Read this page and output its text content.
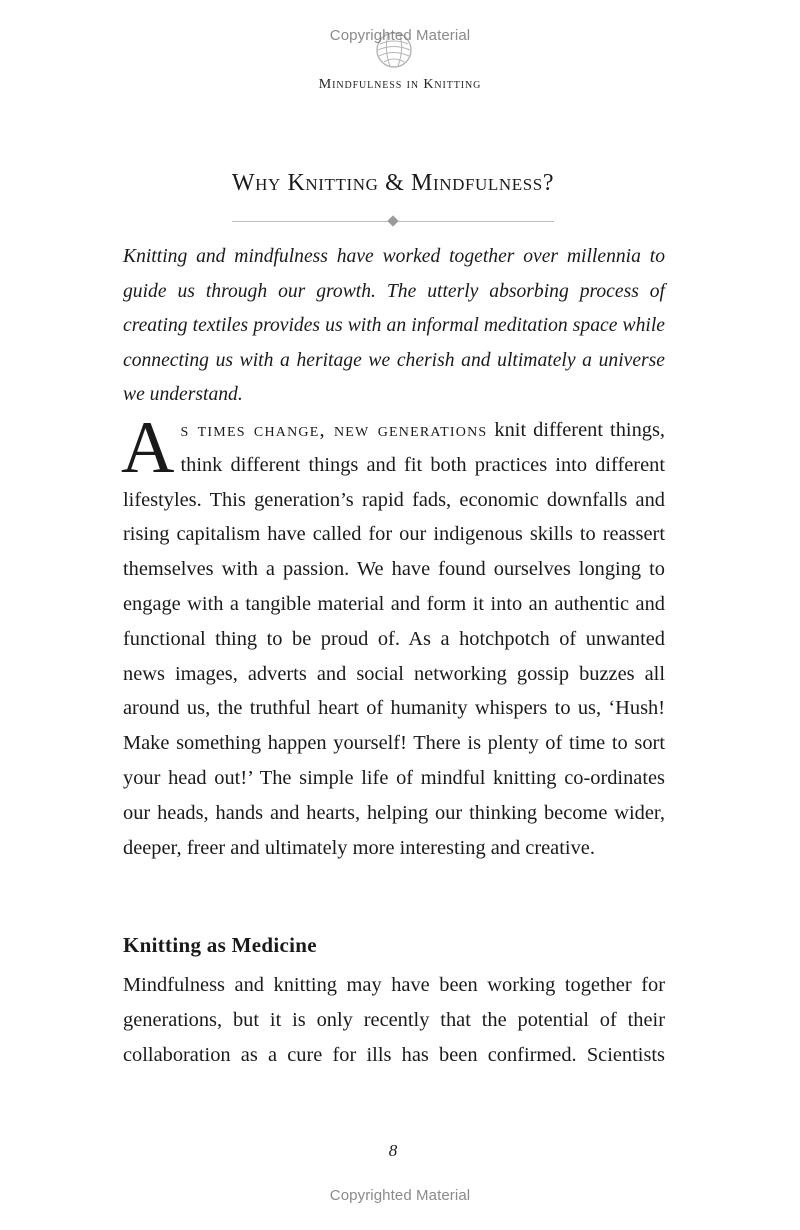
Copyrighted Material
Mindfulness in Knitting
Why Knitting & Mindfulness?

Knitting and mindfulness have worked together over millennia to guide us through our growth. The utterly absorbing process of creating textiles provides us with an informal meditation space while connecting us with a heritage we cherish and ultimately a universe we understand.

As times change, new generations knit different things, think different things and fit both practices into different lifestyles. This generation’s rapid fads, economic downfalls and rising capitalism have called for our indigenous skills to reassert themselves with a passion. We have found ourselves longing to engage with a tangible material and form it into an authentic and functional thing to be proud of. As a hotchpotch of unwanted news images, adverts and social networking gossip buzzes all around us, the truthful heart of humanity whispers to us, ‘Hush! Make something happen yourself! There is plenty of time to sort your head out!’ The simple life of mindful knitting co-ordinates our heads, hands and hearts, helping our thinking become wider, deeper, freer and ultimately more interesting and creative.

Knitting as Medicine

Mindfulness and knitting may have been working together for generations, but it is only recently that the potential of their collaboration as a cure for ills has been confirmed. Scientists

8
Copyrighted Material
